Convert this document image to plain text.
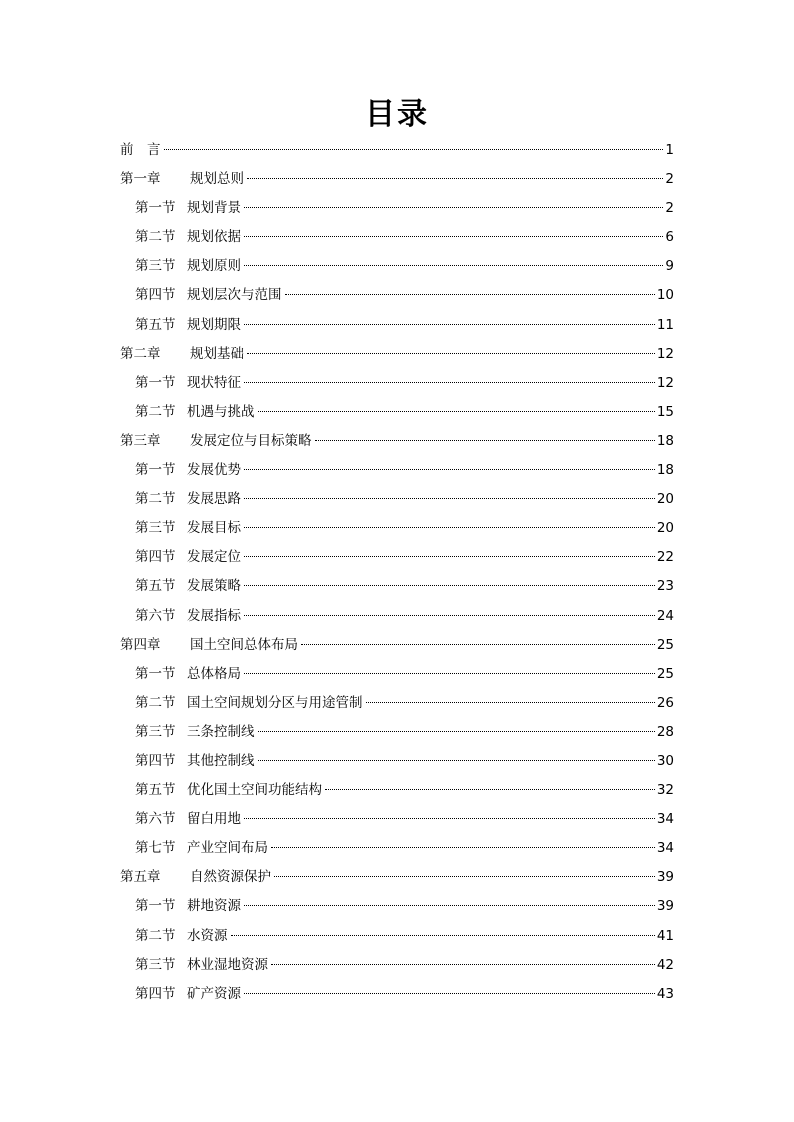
目录
前　言	1
第一章	规划总则	2
第一节 规划背景	2
第二节 规划依据	6
第三节 规划原则	9
第四节 规划层次与范围	10
第五节 规划期限	11
第二章	规划基础	12
第一节 现状特征	12
第二节 机遇与挑战	15
第三章	发展定位与目标策略	18
第一节 发展优势	18
第二节 发展思路	20
第三节 发展目标	20
第四节 发展定位	22
第五节 发展策略	23
第六节 发展指标	24
第四章	国土空间总体布局	25
第一节 总体格局	25
第二节 国土空间规划分区与用途管制	26
第三节 三条控制线	28
第四节 其他控制线	30
第五节 优化国土空间功能结构	32
第六节 留白用地	34
第七节 产业空间布局	34
第五章	自然资源保护	39
第一节 耕地资源	39
第二节 水资源	41
第三节 林业湿地资源	42
第四节 矿产资源	43
